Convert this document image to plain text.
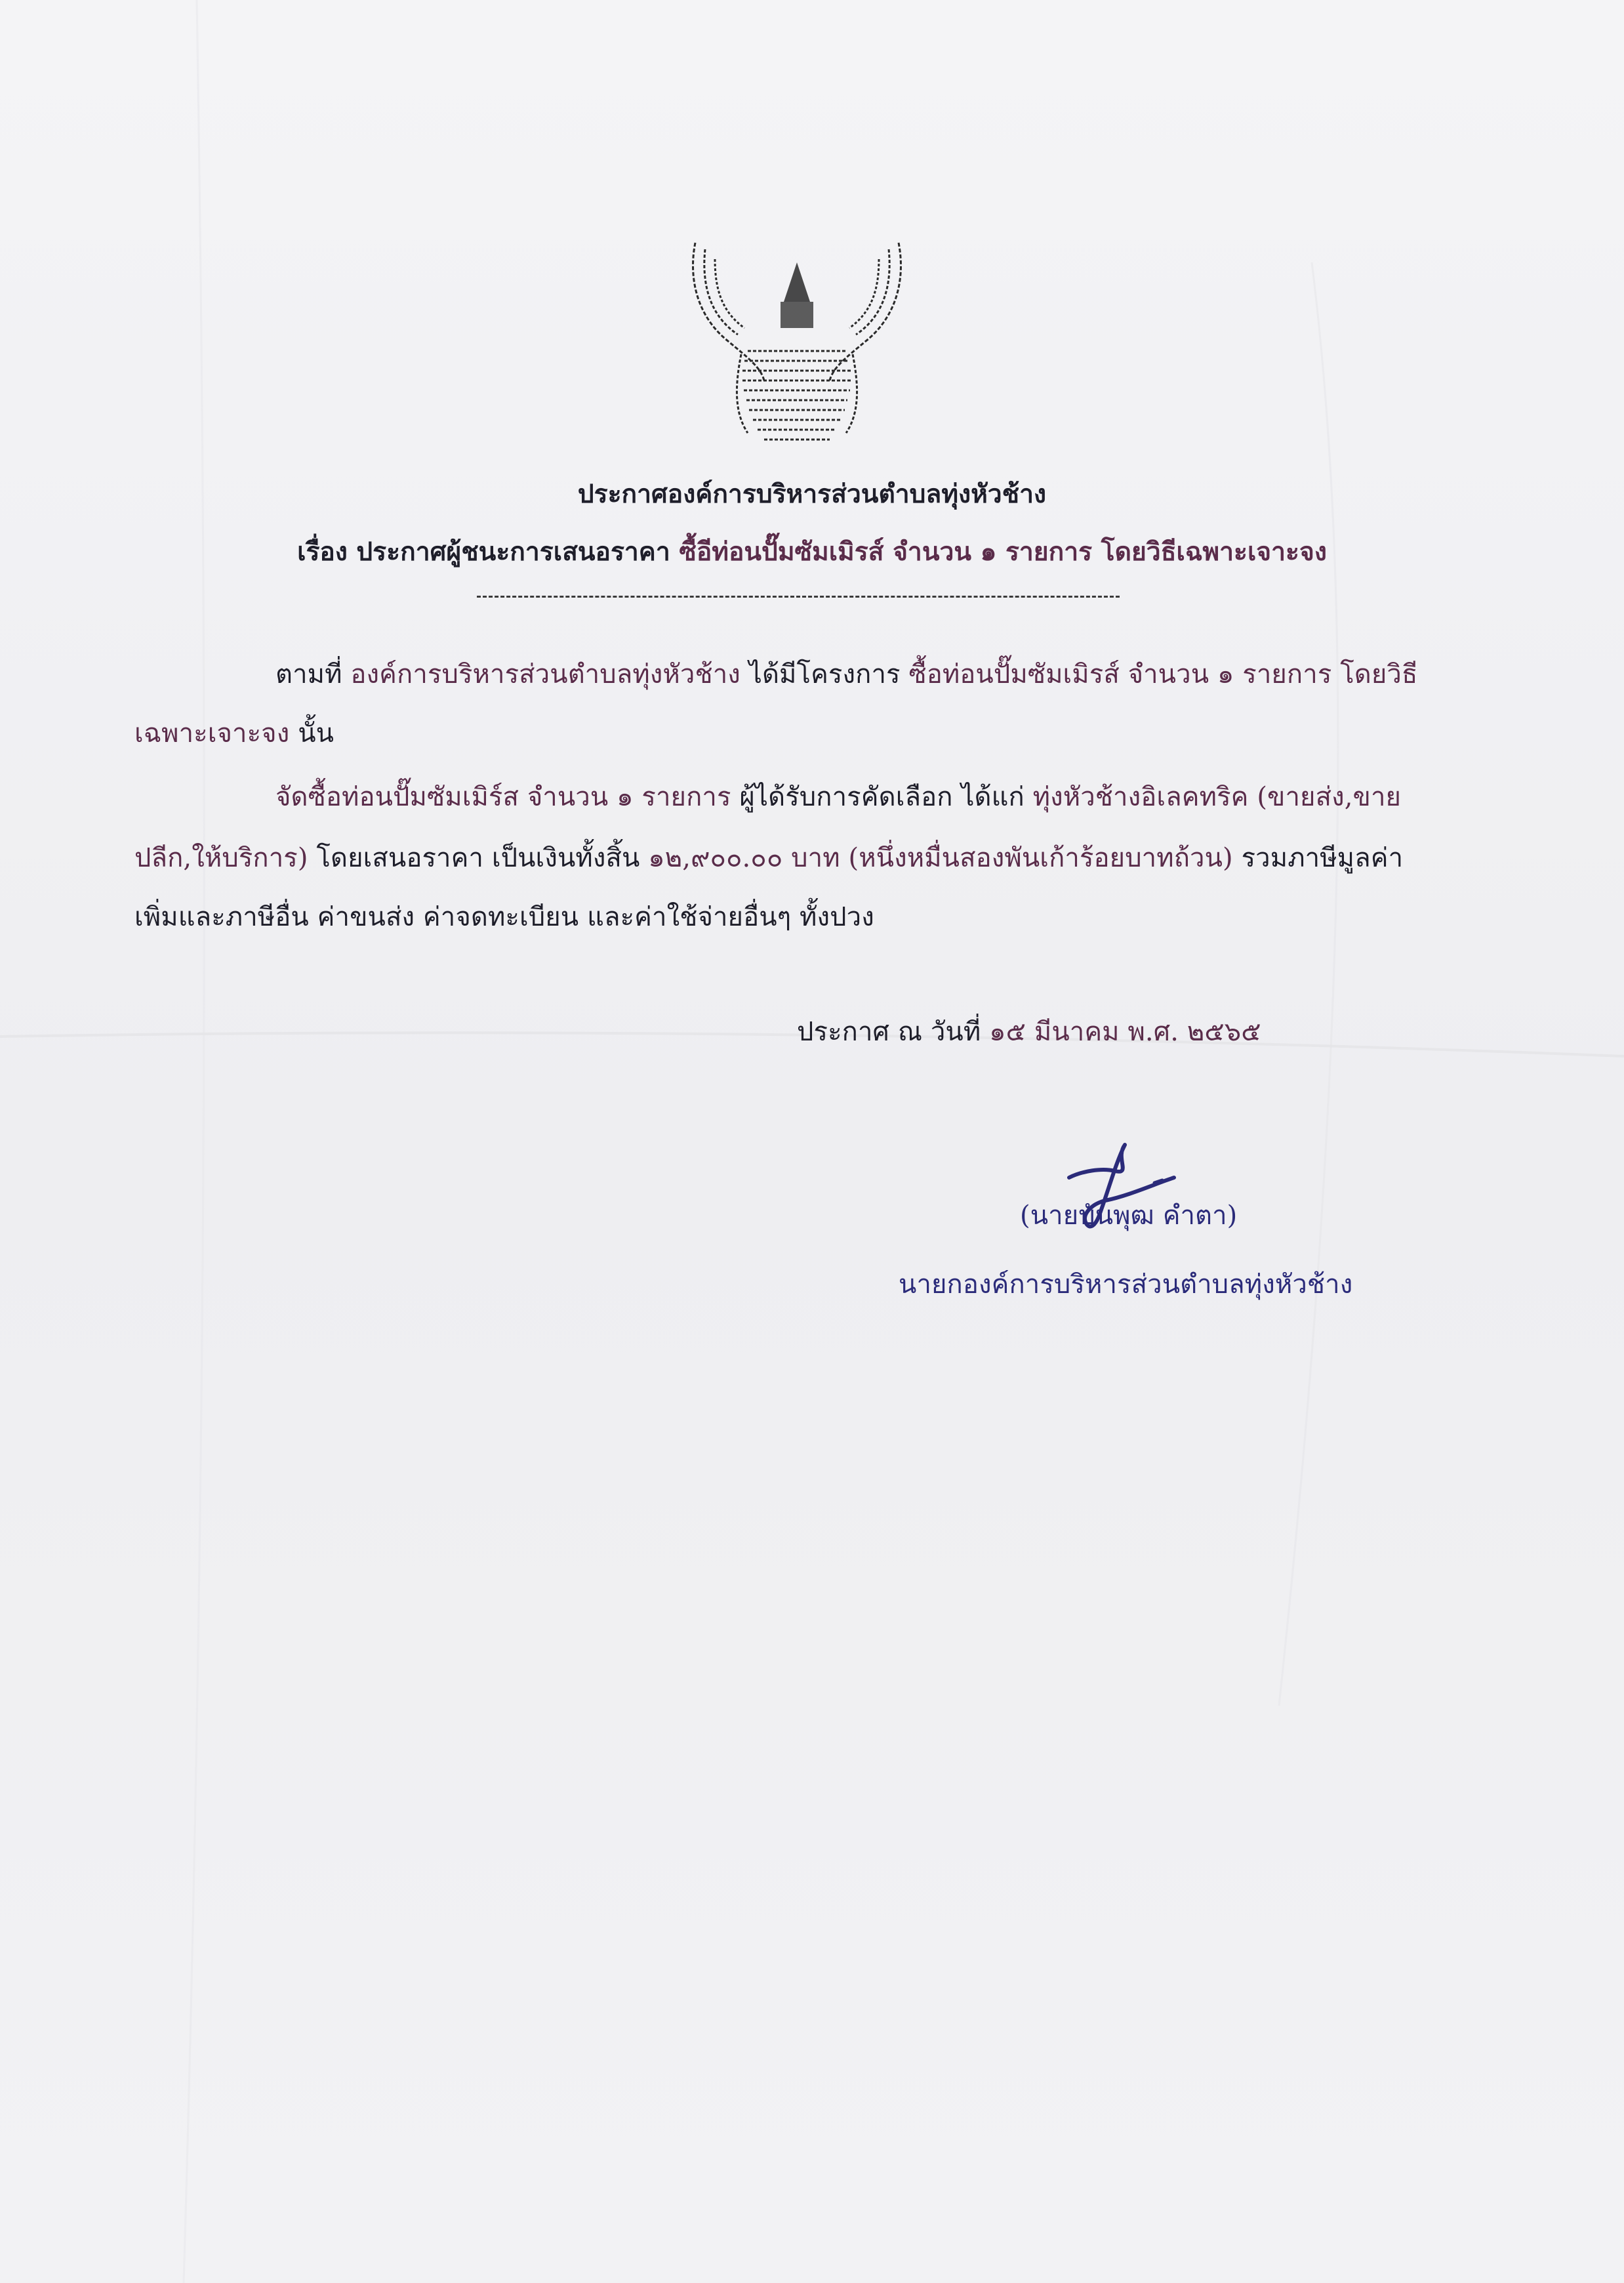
ประกาศองค์การบริหารส่วนตำบลทุ่งหัวช้าง
เรื่อง ประกาศผู้ชนะการเสนอราคา ซื้อีท่อนปั๊มซัมเมิรส์ จำนวน ๑ รายการ โดยวิธีเฉพาะเจาะจง
ตามที่ องค์การบริหารส่วนตำบลทุ่งหัวช้าง ได้มีโครงการ ซื้อท่อนปั๊มซัมเมิรส์ จำนวน ๑ รายการ โดยวิธี
เฉพาะเจาะจง นั้น
จัดซื้อท่อนปั๊มซัมเมิร์ส จำนวน ๑ รายการ ผู้ได้รับการคัดเลือก ได้แก่ ทุ่งหัวช้างอิเลคทริค (ขายส่ง,ขาย
ปลีก,ให้บริการ) โดยเสนอราคา เป็นเงินทั้งสิ้น ๑๒,๙๐๐.๐๐ บาท (หนึ่งหมื่นสองพันเก้าร้อยบาทถ้วน) รวมภาษีมูลค่า
เพิ่มและภาษีอื่น ค่าขนส่ง ค่าจดทะเบียน และค่าใช้จ่ายอื่นๆ ทั้งปวง
ประกาศ ณ วันที่ ๑๕ มีนาคม พ.ศ. ๒๕๖๕
(นายบันพุฒ คำตา)
นายกองค์การบริหารส่วนตำบลทุ่งหัวช้าง
